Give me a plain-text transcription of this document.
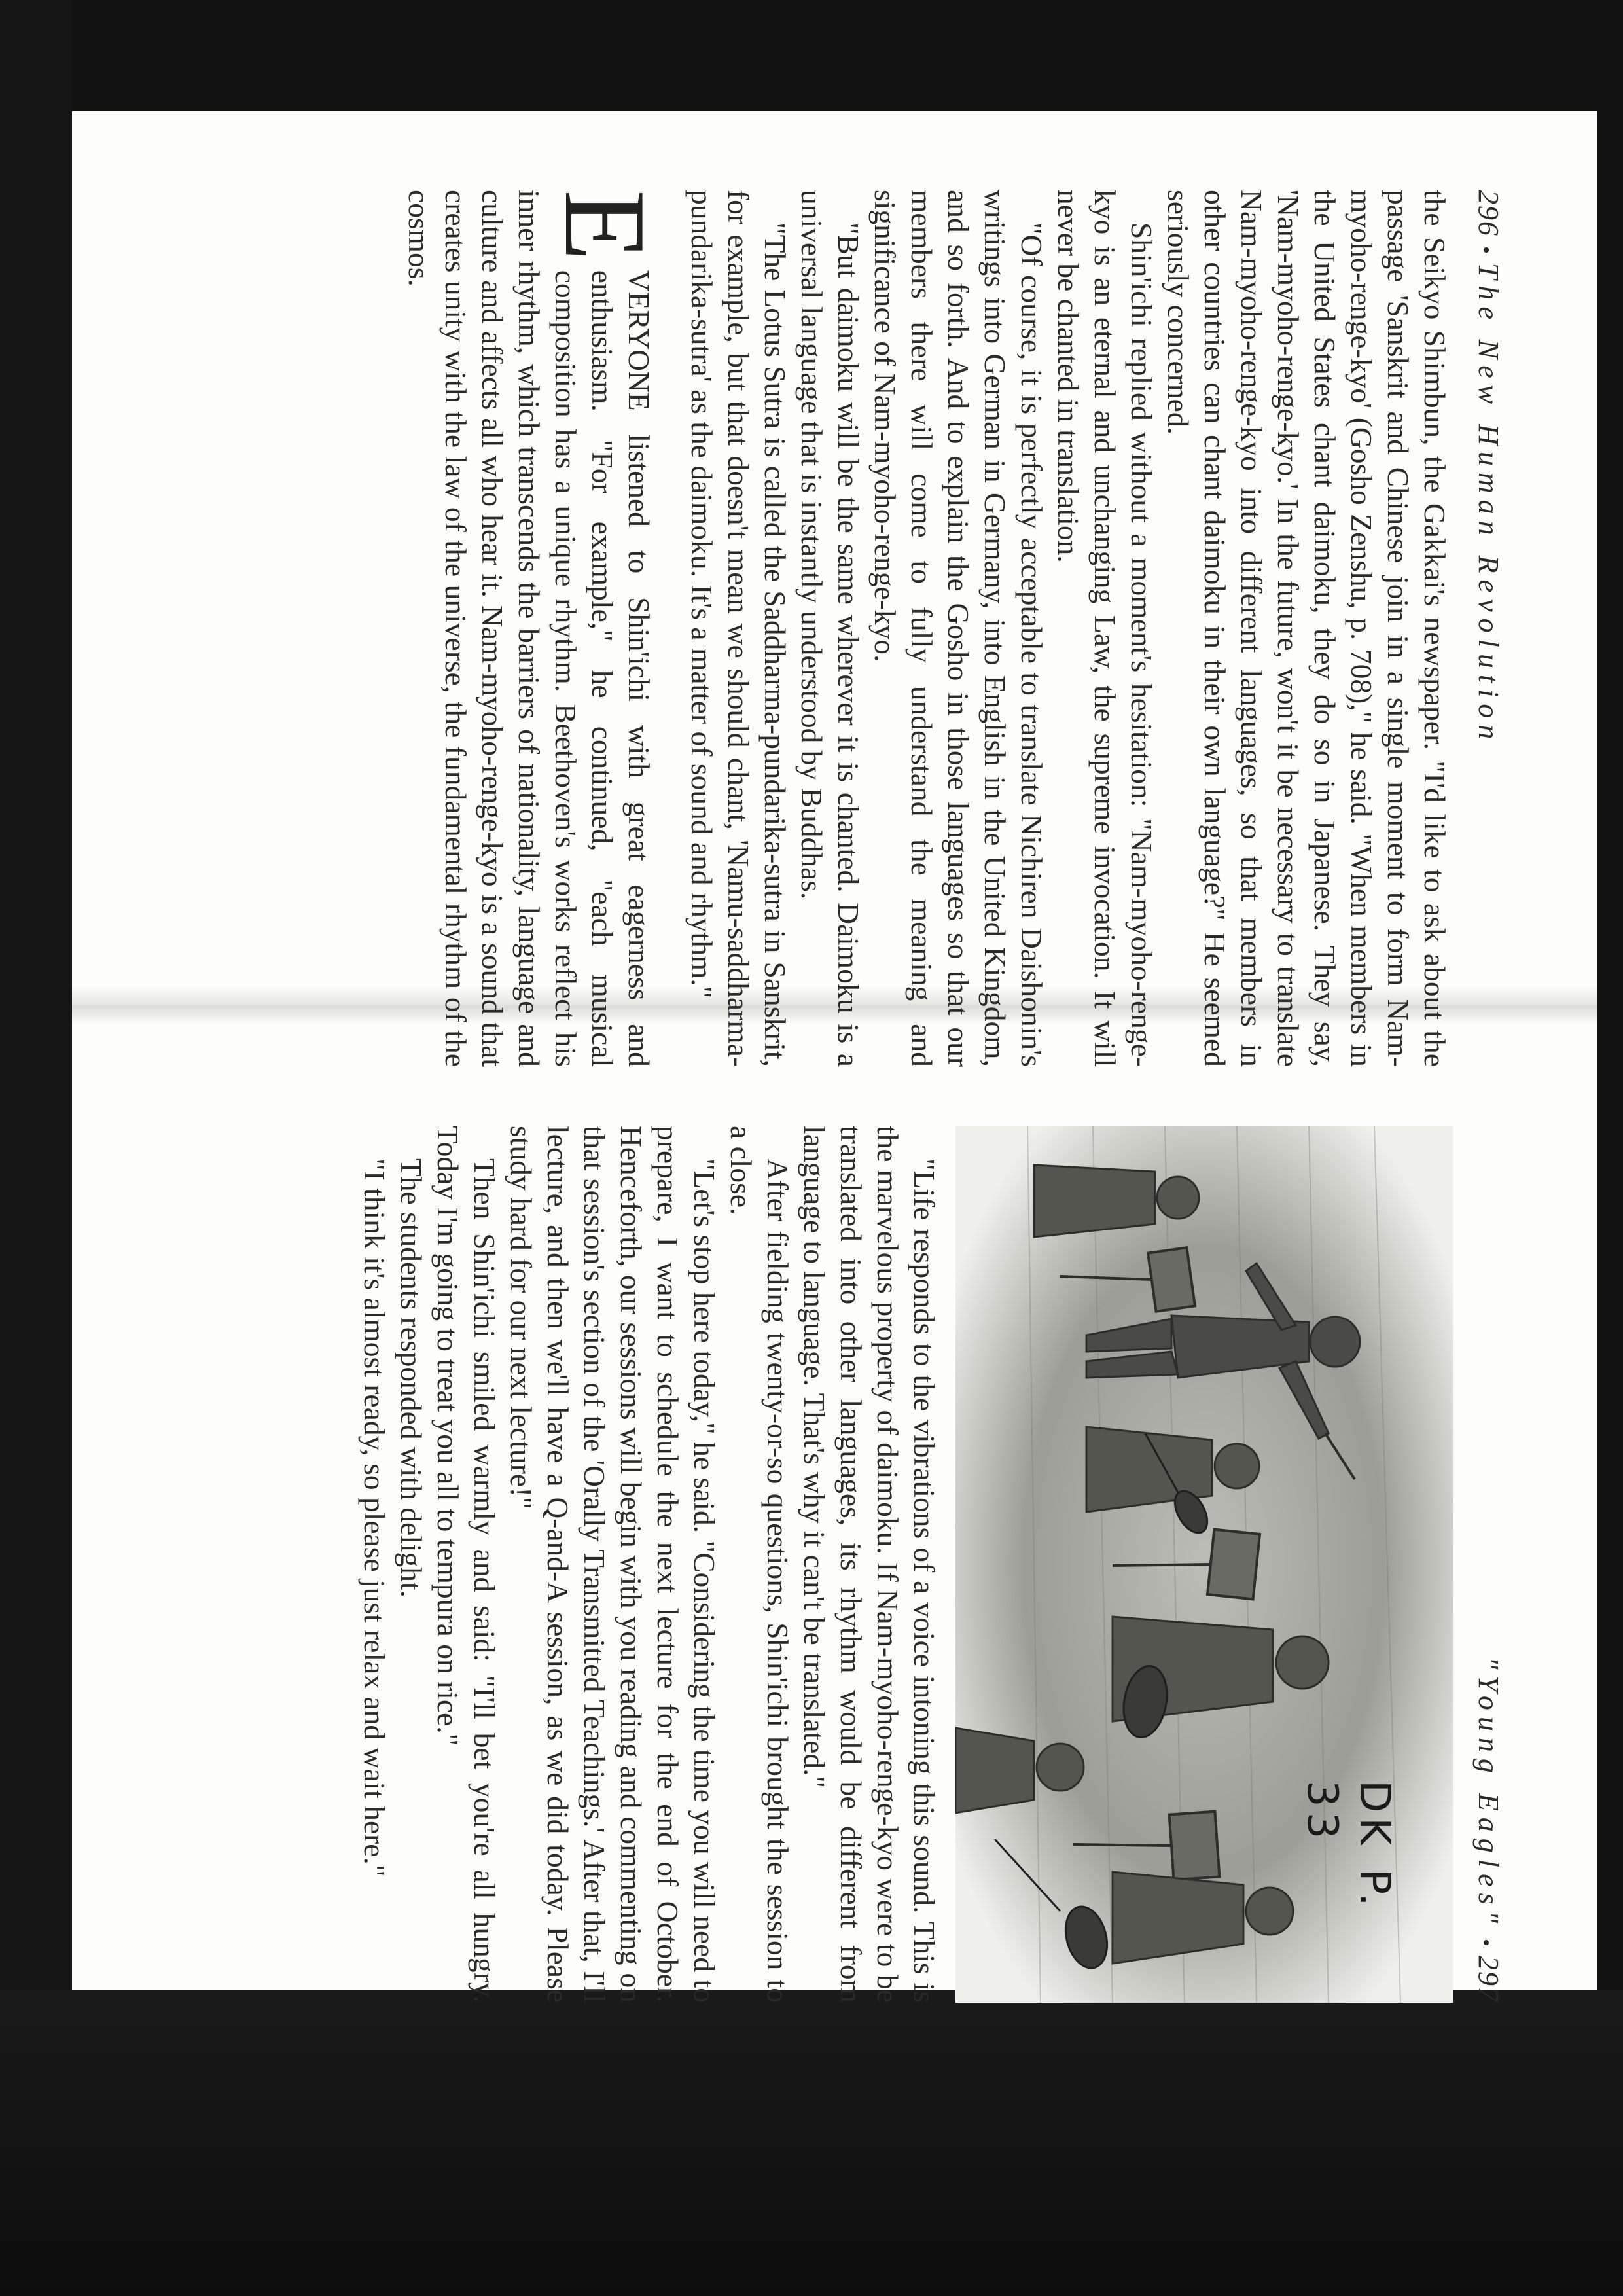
296•The New Human Revolution

the Seikyo Shimbun, the Gakkai's newspaper. "I'd like to ask about the passage 'Sanskrit and Chinese join in a single moment to form Nam-myoho-renge-kyo' (Gosho Zenshu, p. 708)," he said. "When members in the United States chant daimoku, they do so in Japanese. They say, 'Nam-myoho-renge-kyo.' In the future, won't it be necessary to translate Nam-myoho-renge-kyo into different languages, so that members in other countries can chant daimoku in their own language?" He seemed seriously concerned.

Shin'ichi replied without a moment's hesitation: "Nam-myoho-renge-kyo is an eternal and unchanging Law, the supreme invocation. It will never be chanted in translation.

"Of course, it is perfectly acceptable to translate Nichiren Daishonin's writings into German in Germany, into English in the United Kingdom, and so forth. And to explain the Gosho in those languages so that our members there will come to fully understand the meaning and significance of Nam-myoho-renge-kyo.

"But daimoku will be the same wherever it is chanted. Daimoku is a universal language that is instantly understood by Buddhas.

"The Lotus Sutra is called the Saddharma-pundarika-sutra in Sanskrit, for example, but that doesn't mean we should chant, 'Namu-saddharma-pundarika-sutra' as the daimoku. It's a matter of sound and rhythm."

E
VERYONE listened to Shin'ichi with great eagerness and enthusiasm. "For example," he continued, "each musical composition has a unique rhythm. Beethoven's works reflect his inner rhythm, which transcends the barriers of nationality, language and culture and affects all who hear it. Nam-myoho-renge-kyo is a sound that creates unity with the law of the universe, the fundamental rhythm of the cosmos.

"Young Eagles"•297

"Life responds to the vibrations of a voice intoning this sound. This is the marvelous property of daimoku. If Nam-myoho-renge-kyo were to be translated into other languages, its rhythm would be different from language to language. That's why it can't be translated."

After fielding twenty-or-so questions, Shin'ichi brought the session to a close.

"Let's stop here today," he said. "Considering the time you will need to prepare, I want to schedule the next lecture for the end of October. Henceforth, our sessions will begin with you reading and commenting on that session's section of the 'Orally Transmitted Teachings.' After that, I'll lecture, and then we'll have a Q-and-A session, as we did today. Please study hard for our next lecture!"

Then Shin'ichi smiled warmly and said: "I'll bet you're all hungry. Today I'm going to treat you all to tempura on rice."

The students responded with delight.

"I think it's almost ready, so please just relax and wait here."	DK P.
33
